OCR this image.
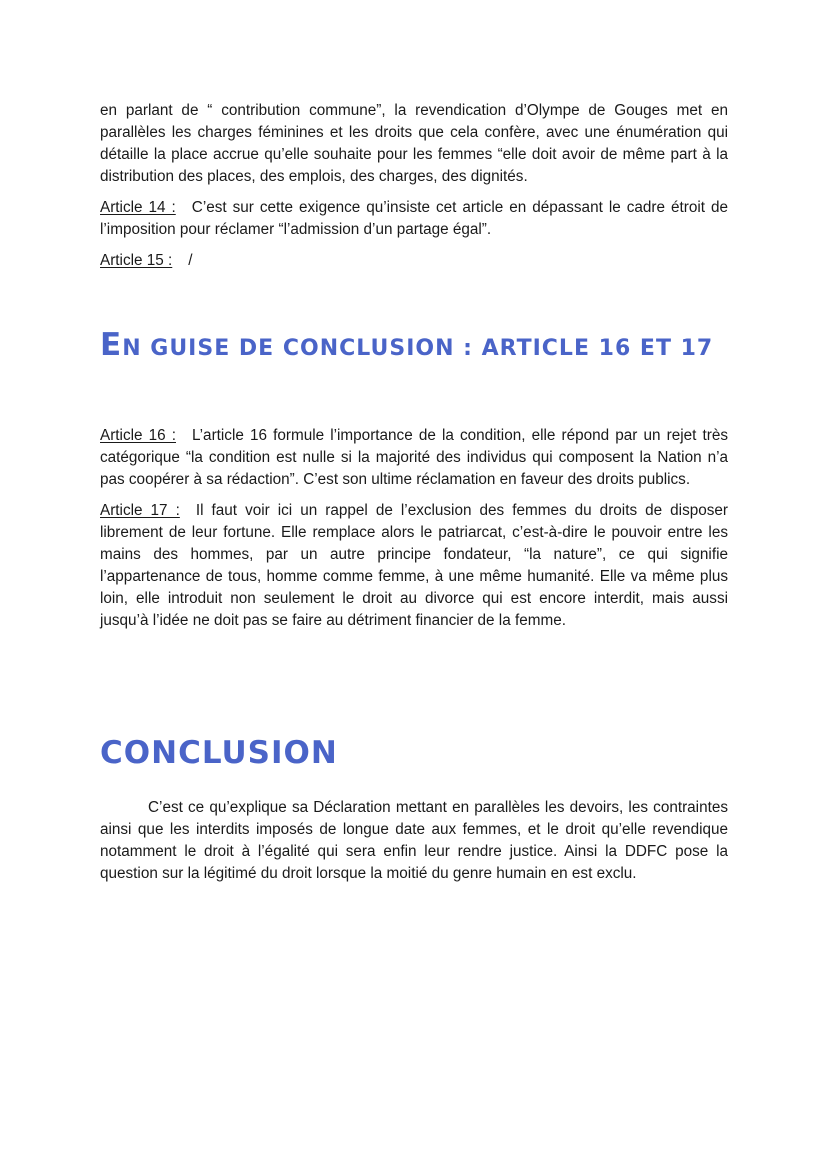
en parlant de “ contribution commune”, la revendication d’Olympe de Gouges met en parallèles les charges féminines et les droits que cela confère, avec une énumération qui détaille la place accrue qu’elle souhaite pour les femmes “elle doit avoir de même part à la distribution des places, des emplois, des charges, des dignités.

Article 14 : C’est sur cette exigence qu’insiste cet article en dépassant le cadre étroit de l’imposition pour réclamer “l’admission d’un partage égal”.

Article 15 : /

EN GUISE DE CONCLUSION : ARTICLE 16 ET 17

Article 16 : L’article 16 formule l’importance de la condition, elle répond par un rejet très catégorique “la condition est nulle si la majorité des individus qui composent la Nation n’a pas coopérer à sa rédaction”. C’est son ultime réclamation en faveur des droits publics.

Article 17 : Il faut voir ici un rappel de l’exclusion des femmes du droits de disposer librement de leur fortune. Elle remplace alors le patriarcat, c’est-à-dire le pouvoir entre les mains des hommes, par un autre principe fondateur, “la nature”, ce qui signifie l’appartenance de tous, homme comme femme, à une même humanité. Elle va même plus loin, elle introduit non seulement le droit au divorce qui est encore interdit, mais aussi jusqu’à l’idée ne doit pas se faire au détriment financier de la femme.

CONCLUSION

C’est ce qu’explique sa Déclaration mettant en parallèles les devoirs, les contraintes ainsi que les interdits imposés de longue date aux femmes, et le droit qu’elle revendique notamment le droit à l’égalité qui sera enfin leur rendre justice. Ainsi la DDFC pose la question sur la légitimé du droit lorsque la moitié du genre humain en est exclu.
